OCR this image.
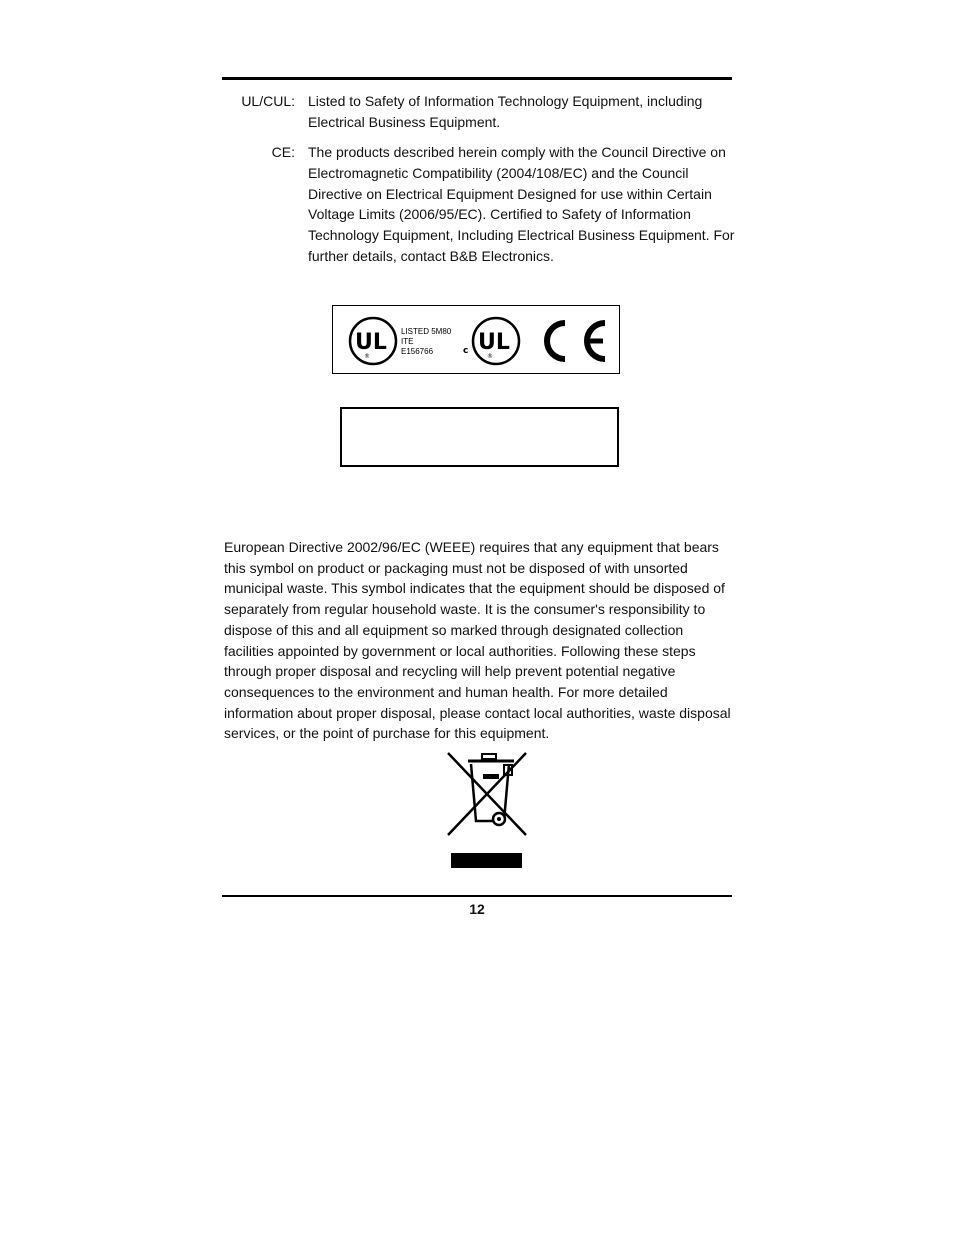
UL/CUL: Listed to Safety of Information Technology Equipment, including Electrical Business Equipment.
CE: The products described herein comply with the Council Directive on Electromagnetic Compatibility (2004/108/EC) and the Council Directive on Electrical Equipment Designed for use within Certain Voltage Limits (2006/95/EC). Certified to Safety of Information Technology Equipment, Including Electrical Business Equipment. For further details, contact B&B Electronics.
UL
®
LISTED 5M80
ITE
E156766	c UL
®
European Directive 2002/96/EC (WEEE) requires that any equipment that bears this symbol on product or packaging must not be disposed of with unsorted municipal waste. This symbol indicates that the equipment should be disposed of separately from regular household waste. It is the consumer's responsibility to dispose of this and all equipment so marked through designated collection facilities appointed by government or local authorities. Following these steps through proper disposal and recycling will help prevent potential negative consequences to the environment and human health. For more detailed information about proper disposal, please contact local authorities, waste disposal services, or the point of purchase for this equipment.
12
